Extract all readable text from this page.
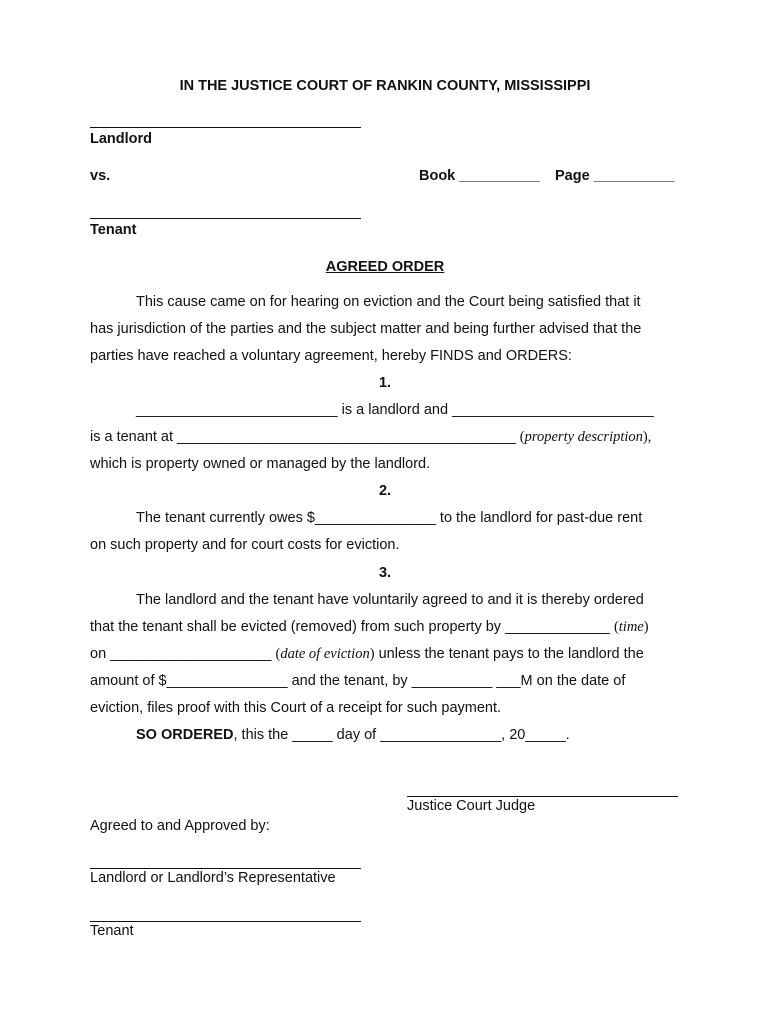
IN THE JUSTICE COURT OF RANKIN COUNTY, MISSISSIPPI
Landlord
vs.	Book __________ Page __________
Tenant
AGREED ORDER
This cause came on for hearing on eviction and the Court being satisfied that it
has jurisdiction of the parties and the subject matter and being further advised that the
parties have reached a voluntary agreement, hereby FINDS and ORDERS:
1.
_________________________ is a landlord and _________________________
is a tenant at __________________________________________ (property description),
which is property owned or managed by the landlord.
2.
The tenant currently owes $_______________ to the landlord for past-due rent
on such property and for court costs for eviction.
3.
The landlord and the tenant have voluntarily agreed to and it is thereby ordered
that the tenant shall be evicted (removed) from such property by _____________ (time)
on ____________________ (date of eviction) unless the tenant pays to the landlord the
amount of $_______________ and the tenant, by __________ ___M on the date of
eviction, files proof with this Court of a receipt for such payment.
SO ORDERED, this the _____ day of _______________, 20_____.
Justice Court Judge
Agreed to and Approved by:
Landlord or Landlord’s Representative
Tenant
